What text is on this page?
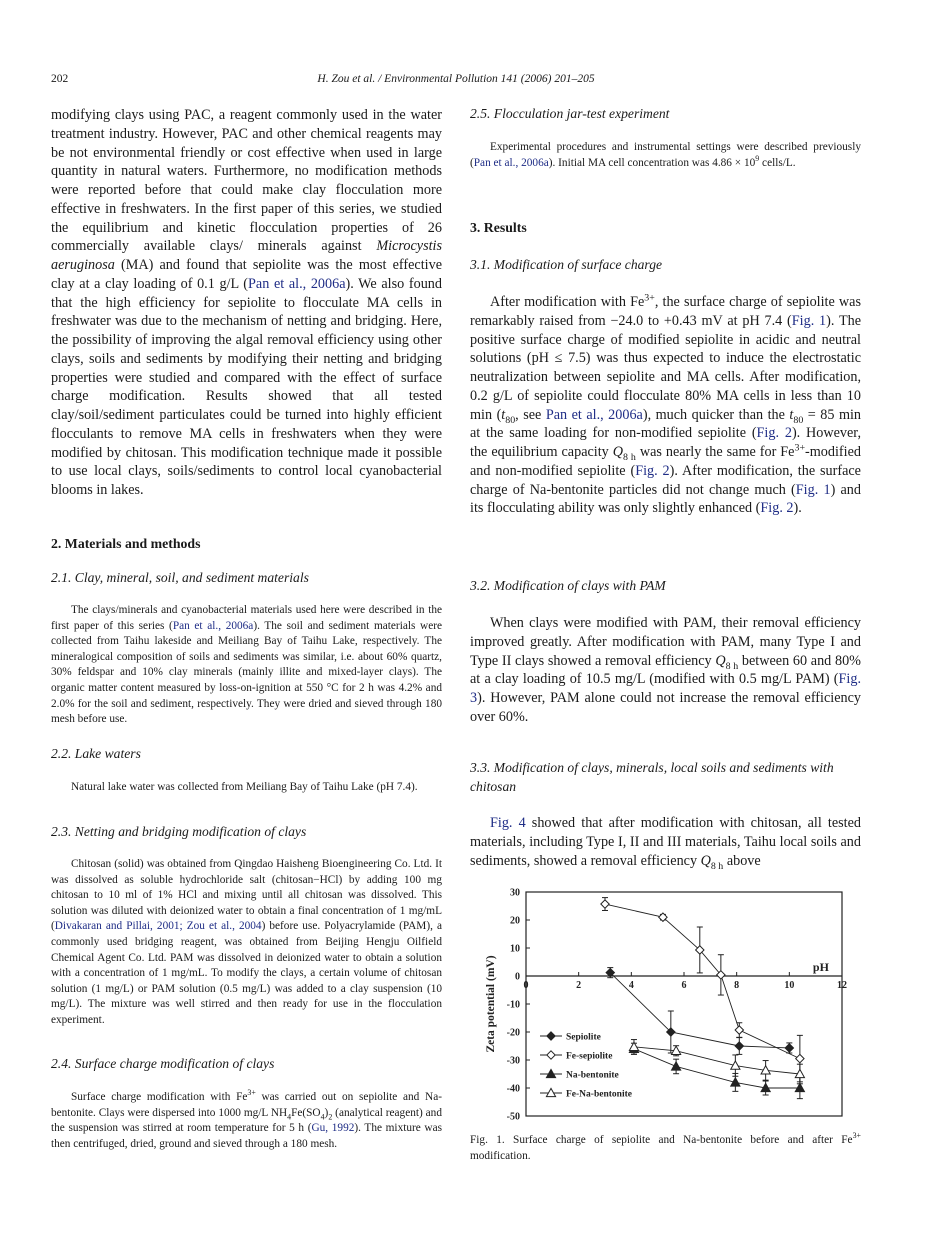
202	H. Zou et al. / Environmental Pollution 141 (2006) 201–205

modifying clays using PAC, a reagent commonly used in the water treatment industry. However, PAC and other chemical reagents may be not environmental friendly or cost effective when used in large quantity in natural waters. Furthermore, no modification methods were reported before that could make clay flocculation more effective in freshwaters. In the first paper of this series, we studied the equilibrium and kinetic flocculation properties of 26 commercially available clays/ minerals against Microcystis aeruginosa (MA) and found that sepiolite was the most effective clay at a clay loading of 0.1 g/L (Pan et al., 2006a). We also found that the high efficiency for sepiolite to flocculate MA cells in freshwater was due to the mechanism of netting and bridging. Here, the possibility of improving the algal removal efficiency using other clays, soils and sediments by modifying their netting and bridging properties were studied and compared with the effect of surface charge modification. Results showed that all tested clay/soil/sediment particulates could be turned into highly efficient flocculants to remove MA cells in freshwaters when they were modified by chitosan. This modification technique made it possible to use local clays, soils/sediments to control local cyanobacterial blooms in lakes.

2. Materials and methods
2.1. Clay, mineral, soil, and sediment materials

The clays/minerals and cyanobacterial materials used here were described in the first paper of this series (Pan et al., 2006a). The soil and sediment materials were collected from Taihu lakeside and Meiliang Bay of Taihu Lake, respectively. The mineralogical composition of soils and sediments was similar, i.e. about 60% quartz, 30% feldspar and 10% clay minerals (mainly illite and mixed-layer clays). The organic matter content measured by loss-on-ignition at 550 °C for 2 h was 4.2% and 2.0% for the soil and sediment, respectively. They were dried and sieved through 180 mesh before use.

2.2. Lake waters

Natural lake water was collected from Meiliang Bay of Taihu Lake (pH 7.4).

2.3. Netting and bridging modification of clays

Chitosan (solid) was obtained from Qingdao Haisheng Bioengineering Co. Ltd. It was dissolved as soluble hydrochloride salt (chitosan−HCl) by adding 100 mg chitosan to 10 ml of 1% HCl and mixing until all chitosan was dissolved. This solution was diluted with deionized water to obtain a final concentration of 1 mg/mL (Divakaran and Pillai, 2001; Zou et al., 2004) before use. Polyacrylamide (PAM), a commonly used bridging reagent, was obtained from Beijing Hengju Oilfield Chemical Agent Co. Ltd. PAM was dissolved in deionized water to obtain a solution with a concentration of 1 mg/mL. To modify the clays, a certain volume of chitosan solution (1 mg/L) or PAM solution (0.5 mg/L) was added to a clay suspension (10 mg/L). The mixture was well stirred and then ready for use in the flocculation experiment.

2.4. Surface charge modification of clays

Surface charge modification with $Fe^{3+}$ was carried out on sepiolite and Na-bentonite. Clays were dispersed into 1000 mg/L $NH_4Fe(SO_4)_2$ (analytical reagent) and the suspension was stirred at room temperature for 5 h (Gu, 1992). The mixture was then centrifuged, dried, ground and sieved through a 180 mesh.

2.5. Flocculation jar-test experiment

Experimental procedures and instrumental settings were described previously (Pan et al., 2006a). Initial MA cell concentration was $4.86 \times 10^9$ cells/L.

3. Results
3.1. Modification of surface charge

After modification with $Fe^{3+}$, the surface charge of sepiolite was remarkably raised from −24.0 to +0.43 mV at pH 7.4 (Fig. 1). The positive surface charge of modified sepiolite in acidic and neutral solutions (pH ≤ 7.5) was thus expected to induce the electrostatic neutralization between sepiolite and MA cells. After modification, 0.2 g/L of sepiolite could flocculate 80% MA cells in less than 10 $\min (t_{80}$, see Pan et al., 2006a), much quicker than the $t_{80} = 85$ min at the same loading for non-modified sepiolite (Fig. 2). However, the equilibrium capacity $Q_{8 h}$ was nearly the same for $Fe^{3+}$-modified and non-modified sepiolite (Fig. 2). After modification, the surface charge of Na-bentonite particles did not change much (Fig. 1) and its flocculating ability was only slightly enhanced (Fig. 2).

3.2. Modification of clays with PAM

When clays were modified with PAM, their removal efficiency improved greatly. After modification with PAM, many Type I and Type II clays showed a removal efficiency $Q_{8 h}$ between 60 and 80% at a clay loading of 10.5 mg/L (modified with 0.5 mg/L PAM) (Fig. 3). However, PAM alone could not increase the removal efficiency over 60%.

3.3. Modification of clays, minerals, local soils and sediments with chitosan

Fig. 4 showed that after modification with chitosan, all tested materials, including Type I, II and III materials, Taihu local soils and sediments, showed a removal efficiency $Q_{8 h}$ above

0	2	4	6	8	10	12
30
20
10
0
-10
-20
-30
-40
-50
pH
Zeta potential (mV)	Sepiolite
Fe-sepiolite
Na-bentonite
Fe-Na-bentonite
Fig. 1. Surface charge of sepiolite and Na-bentonite before and after $Fe^{3+}$ modification.
